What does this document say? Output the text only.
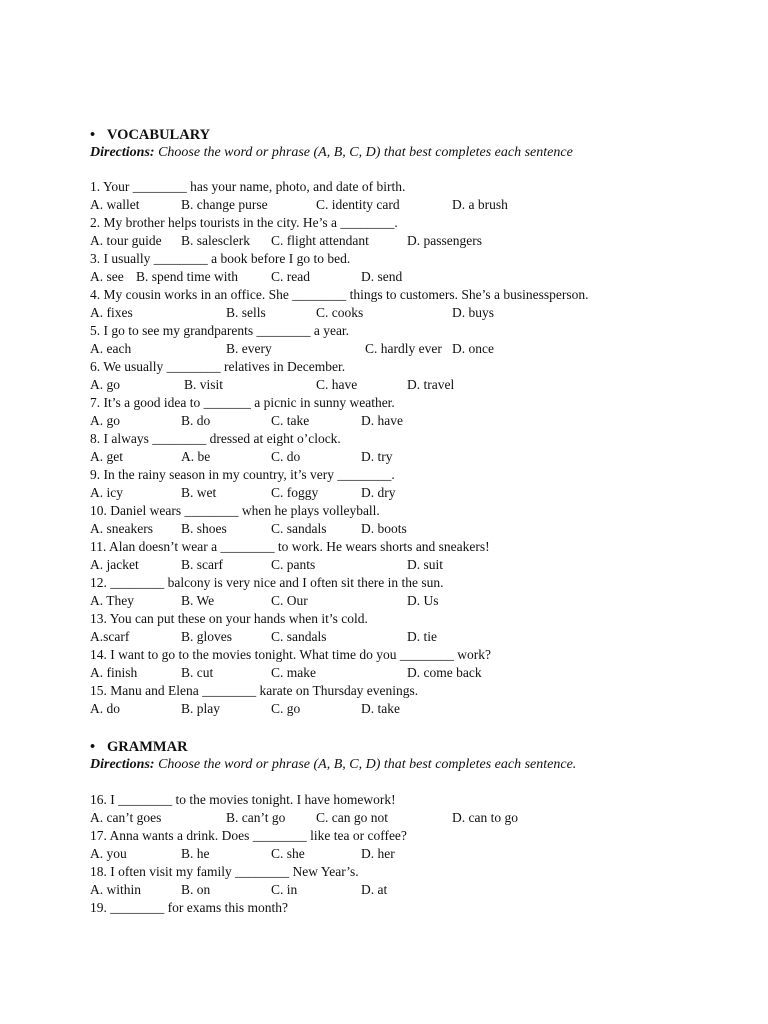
• VOCABULARY
Directions: Choose the word or phrase (A, B, C, D) that best completes each sentence
1. Your ________ has your name, photo, and date of birth.
A. wallet	B. change purse	C. identity card	D. a brush
2. My brother helps tourists in the city. He’s a ________.
A. tour guide B. salesclerk C. flight attendant	D. passengers
3. I usually ________ a book before I go to bed.
A. see B. spend time with C. read	D. send
4. My cousin works in an office. She ________ things to customers. She’s a businessperson.
A. fixes	B. sells	C. cooks	D. buys
5. I go to see my grandparents ________ a year.
A. each	B. every	C. hardly ever D. once
6. We usually ________ relatives in December.
A. go	B. visit	C. have	D. travel
7. It’s a good idea to _______ a picnic in sunny weather.
A. go	B. do	C. take	D. have
8. I always ________ dressed at eight o’clock.
A. get	A. be	C. do	D. try
9. In the rainy season in my country, it’s very ________.
A. icy	B. wet	C. foggy	D. dry
10. Daniel wears ________ when he plays volleyball.
A. sneakers B. shoes	C. sandals	D. boots
11. Alan doesn’t wear a ________ to work. He wears shorts and sneakers!
A. jacket	B. scarf	C. pants	D. suit
12. ________ balcony is very nice and I often sit there in the sun.
A. They	B. We	C. Our	D. Us
13. You can put these on your hands when it’s cold.
A.scarf	B. gloves	C. sandals	D. tie
14. I want to go to the movies tonight. What time do you ________ work?
A. finish	B. cut	C. make	D. come back
15. Manu and Elena ________ karate on Thursday evenings.
A. do	B. play	C. go	D. take
• GRAMMAR
Directions: Choose the word or phrase (A, B, C, D) that best completes each sentence.
16. I ________ to the movies tonight. I have homework!
A. can’t goes	B. can’t go C. can go not	D. can to go
17. Anna wants a drink. Does ________ like tea or coffee?
A. you	B. he	C. she	D. her
18. I often visit my family ________ New Year’s.
A. within	B. on	C. in	D. at
19. ________ for exams this month?
